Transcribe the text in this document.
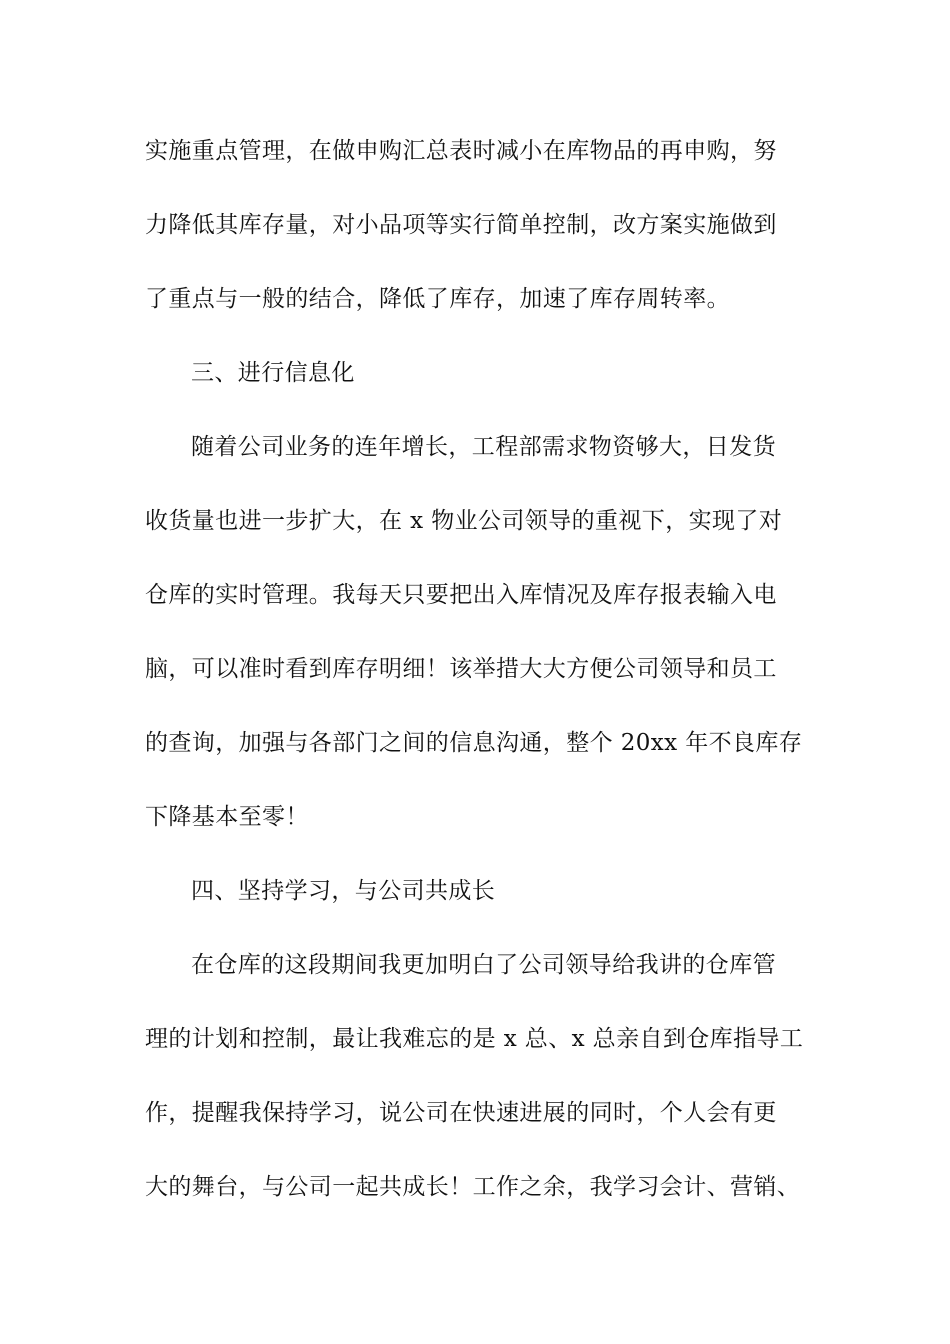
实施重点管理，在做申购汇总表时减小在库物品的再申购，努
力降低其库存量，对小品项等实行简单控制，改方案实施做到
了重点与一般的结合，降低了库存，加速了库存周转率。
三、进行信息化
随着公司业务的连年增长，工程部需求物资够大，日发货
收货量也进一步扩大，在 x 物业公司领导的重视下，实现了对
仓库的实时管理。我每天只要把出入库情况及库存报表输入电
脑，可以准时看到库存明细！该举措大大方便公司领导和员工
的查询，加强与各部门之间的信息沟通，整个 20xx 年不良库存
下降基本至零！
四、坚持学习，与公司共成长
在仓库的这段期间我更加明白了公司领导给我讲的仓库管
理的计划和控制，最让我难忘的是 x 总、x 总亲自到仓库指导工
作，提醒我保持学习，说公司在快速进展的同时，个人会有更
大的舞台，与公司一起共成长！工作之余，我学习会计、营销、
